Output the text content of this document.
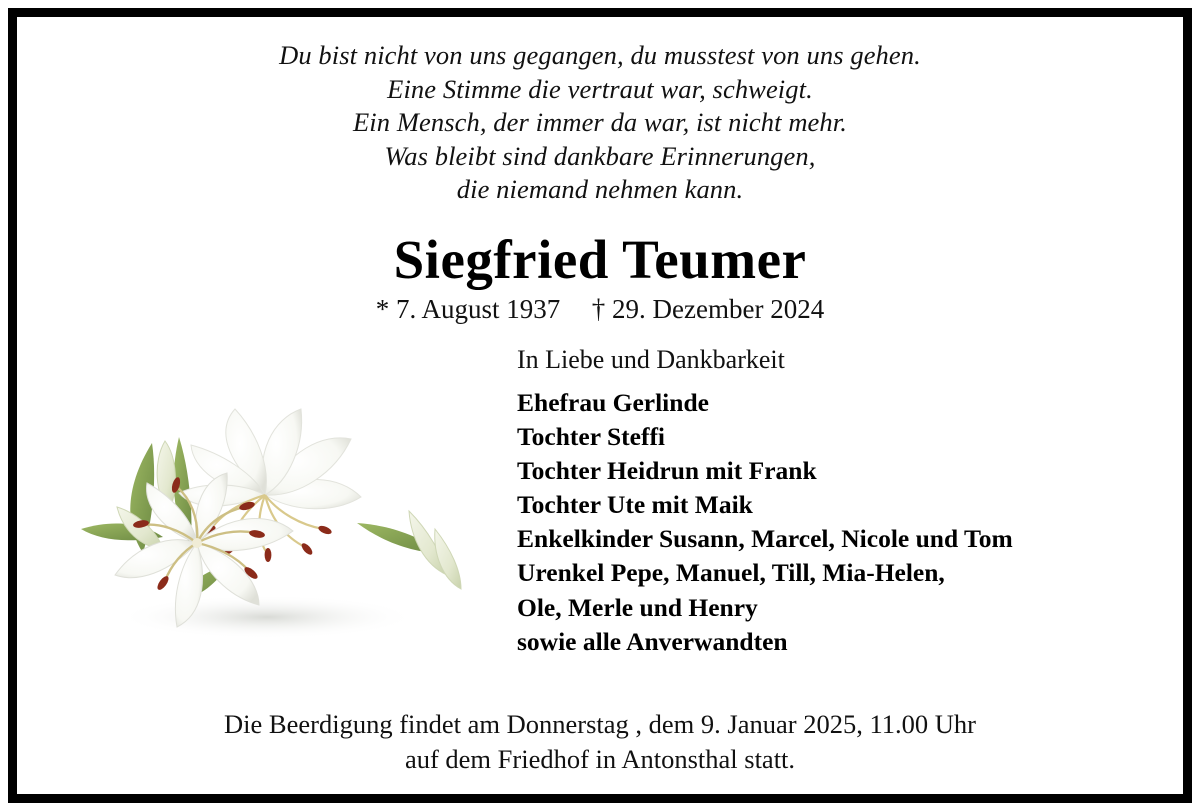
Du bist nicht von uns gegangen, du musstest von uns gehen.
Eine Stimme die vertraut war, schweigt.
Ein Mensch, der immer da war, ist nicht mehr.
Was bleibt sind dankbare Erinnerungen,
die niemand nehmen kann.
Siegfried Teumer
* 7. August 1937 † 29. Dezember 2024
In Liebe und Dankbarkeit
Ehefrau Gerlinde
Tochter Steffi
Tochter Heidrun mit Frank
Tochter Ute mit Maik
Enkelkinder Susann, Marcel, Nicole und Tom
Urenkel Pepe, Manuel, Till, Mia-Helen,
Ole, Merle und Henry
sowie alle Anverwandten
Die Beerdigung findet am Donnerstag , dem 9. Januar 2025, 11.00 Uhr
auf dem Friedhof in Antonsthal statt.
